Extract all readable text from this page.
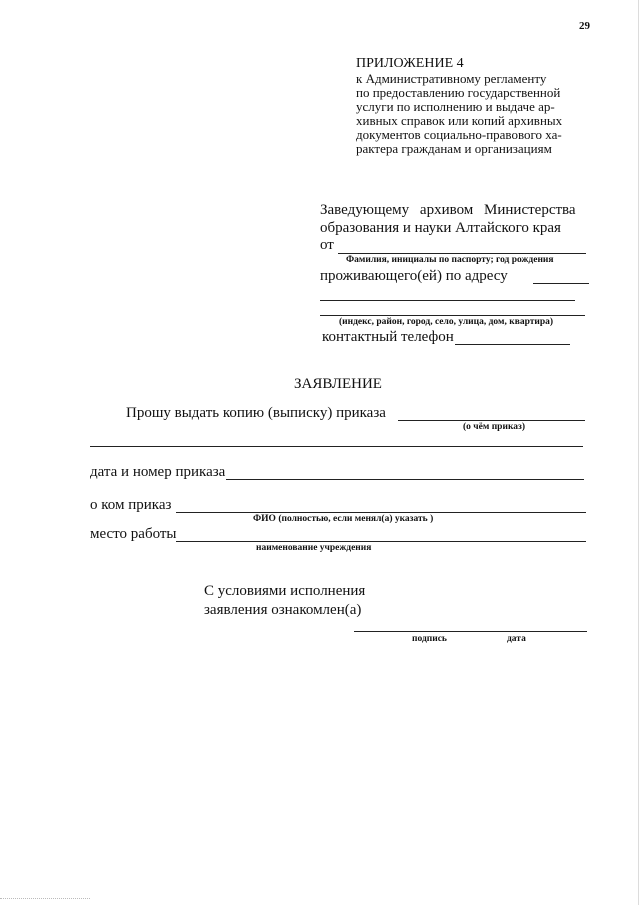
29
ПРИЛОЖЕНИЕ 4
к Административному регламенту
по предоставлению государственной
услуги по исполнению и выдаче ар-
хивных справок или копий архивных
документов социально-правового ха-
рактера гражданам и организациям
Заведующему архивом Министерства
образования и науки Алтайского края
от
Фамилия, инициалы по паспорту; год рождения
проживающего(ей) по адресу
(индекс, район, город, село, улица, дом, квартира)
контактный телефон
ЗАЯВЛЕНИЕ
Прошу выдать копию (выписку) приказа
(о чём приказ)
дата и номер приказа
о ком приказ
ФИО (полностью, если менял(а) указать )
место работы
наименование учреждения
С условиями исполнения
заявления ознакомлен(а)
подпись	дата
